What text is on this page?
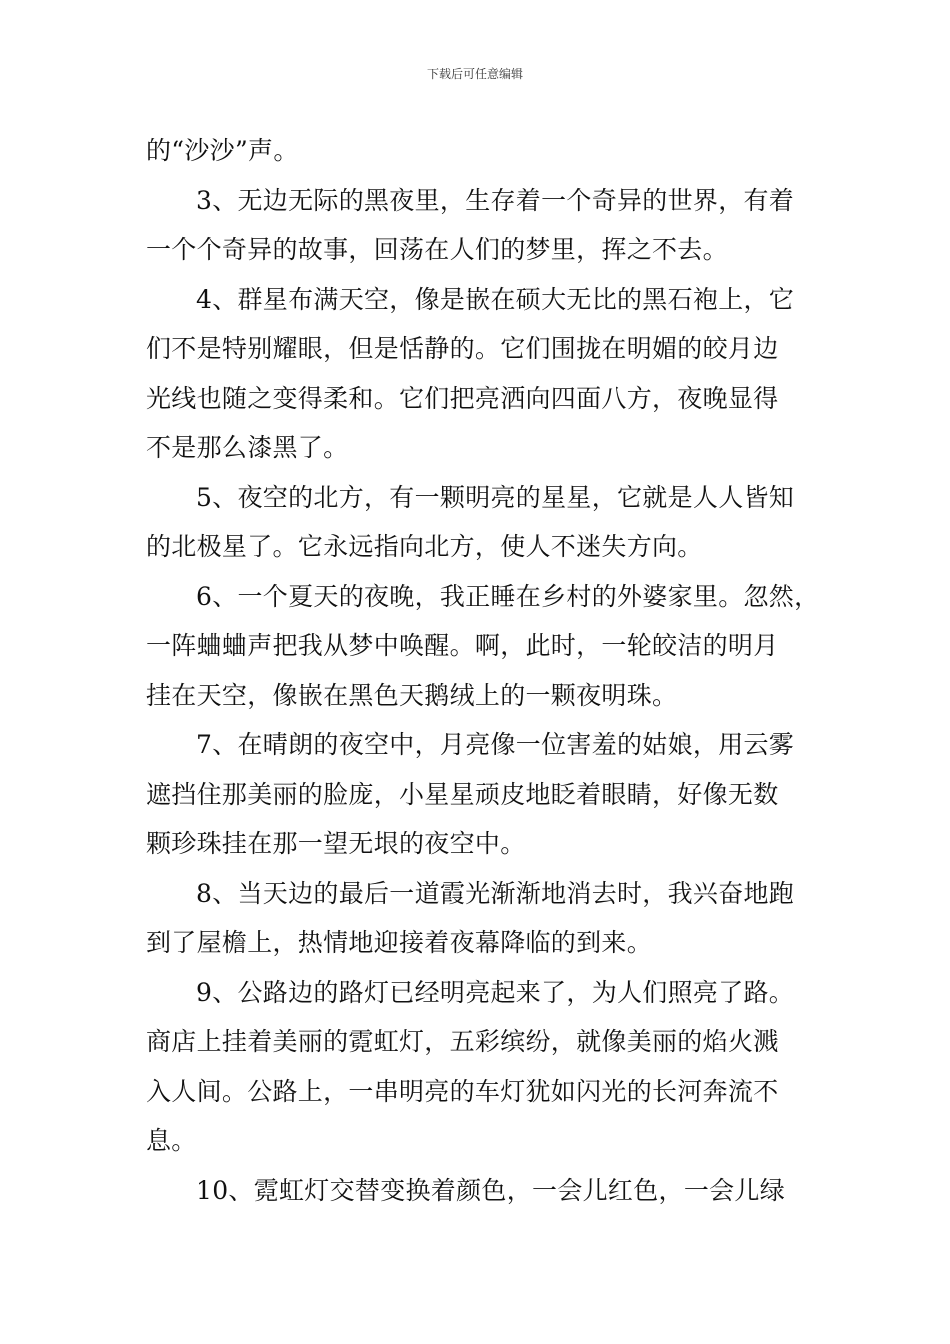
下载后可任意编辑
的“沙沙”声。
3、无边无际的黑夜里，生存着一个奇异的世界，有着
一个个奇异的故事，回荡在人们的梦里，挥之不去。
4、群星布满天空，像是嵌在硕大无比的黑石袍上，它
们不是特别耀眼，但是恬静的。它们围拢在明媚的皎月边
光线也随之变得柔和。它们把亮洒向四面八方，夜晚显得
不是那么漆黑了。
5、夜空的北方，有一颗明亮的星星，它就是人人皆知
的北极星了。它永远指向北方，使人不迷失方向。
6、一个夏天的夜晚，我正睡在乡村的外婆家里。忽然，
一阵蛐蛐声把我从梦中唤醒。啊，此时，一轮皎洁的明月
挂在天空，像嵌在黑色天鹅绒上的一颗夜明珠。
7、在晴朗的夜空中，月亮像一位害羞的姑娘，用云雾
遮挡住那美丽的脸庞，小星星顽皮地眨着眼睛，好像无数
颗珍珠挂在那一望无垠的夜空中。
8、当天边的最后一道霞光渐渐地消去时，我兴奋地跑
到了屋檐上，热情地迎接着夜幕降临的到来。
9、公路边的路灯已经明亮起来了，为人们照亮了路。
商店上挂着美丽的霓虹灯，五彩缤纷，就像美丽的焰火溅
入人间。公路上，一串明亮的车灯犹如闪光的长河奔流不
息。
10、霓虹灯交替变换着颜色，一会儿红色，一会儿绿
